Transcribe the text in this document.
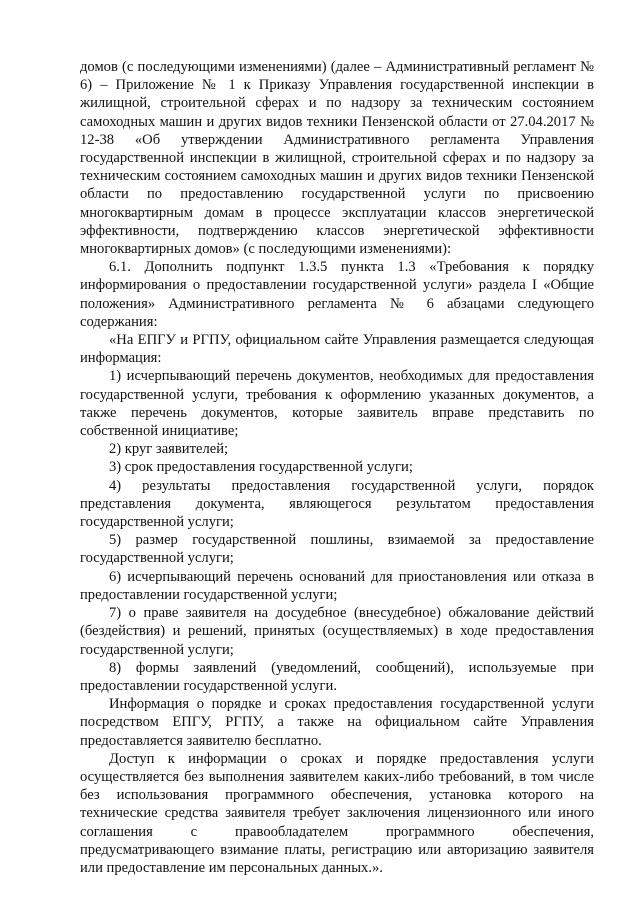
домов (с последующими изменениями) (далее – Административный регламент № 6) – Приложение № 1 к Приказу Управления государственной инспекции в жилищной, строительной сферах и по надзору за техническим состоянием самоходных машин и других видов техники Пензенской области от 27.04.2017 № 12-38 «Об утверждении Административного регламента Управления государственной инспекции в жилищной, строительной сферах и по надзору за техническим состоянием самоходных машин и других видов техники Пензенской области по предоставлению государственной услуги по присвоению многоквартирным домам в процессе эксплуатации классов энергетической эффективности, подтверждению классов энергетической эффективности многоквартирных домов» (с последующими изменениями):

6.1. Дополнить подпункт 1.3.5 пункта 1.3 «Требования к порядку информирования о предоставлении государственной услуги» раздела I «Общие положения» Административного регламента № 6 абзацами следующего содержания:

«На ЕПГУ и РГПУ, официальном сайте Управления размещается следующая информация:

1) исчерпывающий перечень документов, необходимых для предоставления государственной услуги, требования к оформлению указанных документов, а также перечень документов, которые заявитель вправе представить по собственной инициативе;

2) круг заявителей;

3) срок предоставления государственной услуги;

4) результаты предоставления государственной услуги, порядок представления документа, являющегося результатом предоставления государственной услуги;

5) размер государственной пошлины, взимаемой за предоставление государственной услуги;

6) исчерпывающий перечень оснований для приостановления или отказа в предоставлении государственной услуги;

7) о праве заявителя на досудебное (внесудебное) обжалование действий (бездействия) и решений, принятых (осуществляемых) в ходе предоставления государственной услуги;

8) формы заявлений (уведомлений, сообщений), используемые при предоставлении государственной услуги.

Информация о порядке и сроках предоставления государственной услуги посредством ЕПГУ, РГПУ, а также на официальном сайте Управления предоставляется заявителю бесплатно.

Доступ к информации о сроках и порядке предоставления услуги осуществляется без выполнения заявителем каких-либо требований, в том числе без использования программного обеспечения, установка которого на технические средства заявителя требует заключения лицензионного или иного соглашения с правообладателем программного обеспечения, предусматривающего взимание платы, регистрацию или авторизацию заявителя или предоставление им персональных данных.».
